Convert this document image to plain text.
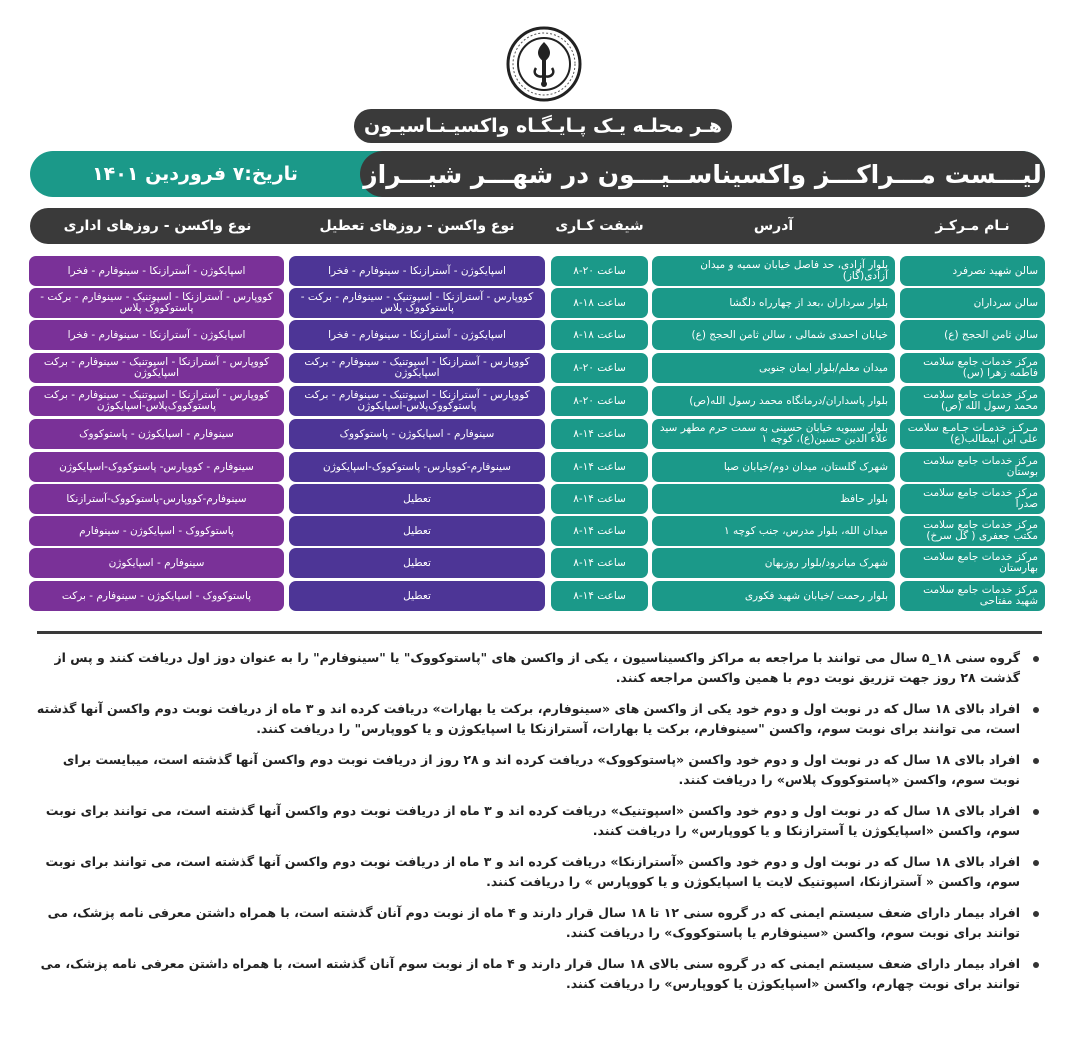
هـر محلـه یـک پـایـگـاه واکسیـنـاسیـون
لیـــست مـــراکـــز واکسیناســیـــون در شهـــر شیـــراز
تاریخ:۷ فروردین ۱۴۰۱
نـام مـرکـز
آدرس
شیفت کـاری
نوع واکسن - روزهای تعطیل
نوع واکسن - روزهای اداری
سالن شهید نصرفرد
بلوار آزادی، حد فاصل خیابان سمیه و میدان آزادی(گاز)
ساعت ۲۰-۸
اسپایکوژن - آسترازنکا - سینوفارم - فخرا
اسپایکوژن - آسترازنکا - سینوفارم - فخرا
سالن سرداران
بلوار سرداران ،بعد از چهارراه دلگشا
ساعت ۱۸-۸
کووپارس - آسترازنکا - اسپوتنیک - سینوفارم - برکت - پاستوکووک پلاس
کووپارس - آسترازنکا - اسپوتنیک - سینوفارم - برکت - پاستوکووک پلاس
سالن ثامن الحجج (ع)
خیابان احمدی شمالی ، سالن ثامن الحجج (ع)
ساعت ۱۸-۸
اسپایکوژن - آسترازنکا - سینوفارم - فخرا
اسپایکوژن - آسترازنکا - سینوفارم - فخرا
مرکز خدمات جامع سلامت فاطمه زهرا (س)
میدان معلم/بلوار ایمان جنوبی
ساعت ۲۰-۸
کووپارس - آسترازنکا - اسپوتنیک - سینوفارم - برکت اسپایکوژن
کووپارس - آسترازنکا - اسپوتنیک - سینوفارم - برکت اسپایکوژن
مرکز خدمات جامع سلامت محمد رسول الله (ص)
بلوار پاسداران/درمانگاه محمد رسول الله(ص)
ساعت ۲۰-۸
کووپارس - آسترازنکا - اسپوتنیک - سینوفارم - برکت پاستوکووک‌پلاس-اسپایکوژن
کووپارس - آسترازنکا - اسپوتنیک - سینوفارم - برکت پاستوکووک‌پلاس-اسپایکوژن
مـرکـز خدمـات جـامـع سلامت علی ابن ابیطالب(ع)
بلوار سیبویه خیابان حسینی به سمت حرم مطهر سید علاء الدین حسین(ع)، کوچه ۱
ساعت ۱۴-۸
سینوفارم - اسپایکوژن - پاستوکووک
سینوفارم - اسپایکوژن - پاستوکووک
مرکز خدمات جامع سلامت بوستان
شهرک گلستان، میدان دوم/خیابان صبا
ساعت ۱۴-۸
سینوفارم-کووپارس- پاستوکووک-اسپایکوژن
سینوفارم - کووپارس- پاستوکووک-اسپایکوژن
مرکز خدمات جامع سلامت صدرا
بلوار حافظ
ساعت ۱۴-۸
تعطیل
سینوفارم-کووپارس-پاستوکووک-آسترازنکا
مرکز خدمات جامع سلامت مکتب جعفری ( گل سرخ)
میدان الله، بلوار مدرس، جنب کوچه ۱
ساعت ۱۴-۸
تعطیل
پاستوکووک - اسپایکوژن - سینوفارم
مرکز خدمات جامع سلامت بهارستان
شهرک میانرود/بلوار روزبهان
ساعت ۱۴-۸
تعطیل
سینوفارم - اسپایکوژن
مرکز خدمات جامع سلامت شهید مفتاحی
بلوار رحمت /خیابان شهید فکوری
ساعت ۱۴-۸
تعطیل
پاستوکووک - اسپایکوژن - سینوفارم - برکت
گروه سنی ۱۸_۵ سال می توانند با مراجعه به مراکز واکسیناسیون ، یکی از واکسن های "پاستوکووک" یا "سینوفارم" را به عنوان دوز اول دریافت کنند و پس از گذشت ۲۸ روز جهت تزریق نوبت دوم با همین واکسن مراجعه کنند.
افراد بالای ۱۸ سال که در نوبت اول و دوم خود یکی از واکسن های «سینوفارم، برکت یا بهارات» دریافت کرده اند و ۳ ماه از دریافت نوبت دوم واکسن آنها گذشته است، می توانند برای نوبت سوم، واکسن "سینوفارم، برکت یا بهارات، آسترازنکا یا اسپایکوژن و یا کووپارس" را دریافت کنند.
افراد بالای ۱۸ سال که در نوبت اول و دوم خود واکسن «پاستوکووک» دریافت کرده اند و ۲۸ روز از دریافت نوبت دوم واکسن آنها گذشته است، میبایست برای نوبت سوم، واکسن «پاستوکووک پلاس» را دریافت کنند.
افراد بالای ۱۸ سال که در نوبت اول و دوم خود واکسن «اسپوتنیک» دریافت کرده اند و ۳ ماه از دریافت نوبت دوم واکسن آنها گذشته است، می توانند برای نوبت سوم، واکسن «اسپایکوژن یا آسترازنکا و یا کووپارس» را دریافت کنند.
افراد بالای ۱۸ سال که در نوبت اول و دوم خود واکسن «آسترازنکا» دریافت کرده اند و ۳ ماه از دریافت نوبت دوم واکسن آنها گذشته است، می توانند برای نوبت سوم، واکسن « آسترازنکا، اسپوتنیک لایت یا اسپایکوژن و یا کووپارس » را دریافت کنند.
افراد بیمار دارای ضعف سیستم ایمنی که در گروه سنی ۱۲ تا ۱۸ سال قرار دارند و ۴ ماه از نوبت دوم آنان گذشته است، با همراه داشتن معرفی نامه پزشک، می توانند برای نوبت سوم، واکسن «سینوفارم یا پاستوکووک» را دریافت کنند.
افراد بیمار دارای ضعف سیستم ایمنی که در گروه سنی بالای ۱۸ سال قرار دارند و ۴ ماه از نوبت سوم آنان گذشته است، با همراه داشتن معرفی نامه پزشک، می توانند برای نوبت چهارم، واکسن «اسپایکوژن یا کووپارس» را دریافت کنند.
